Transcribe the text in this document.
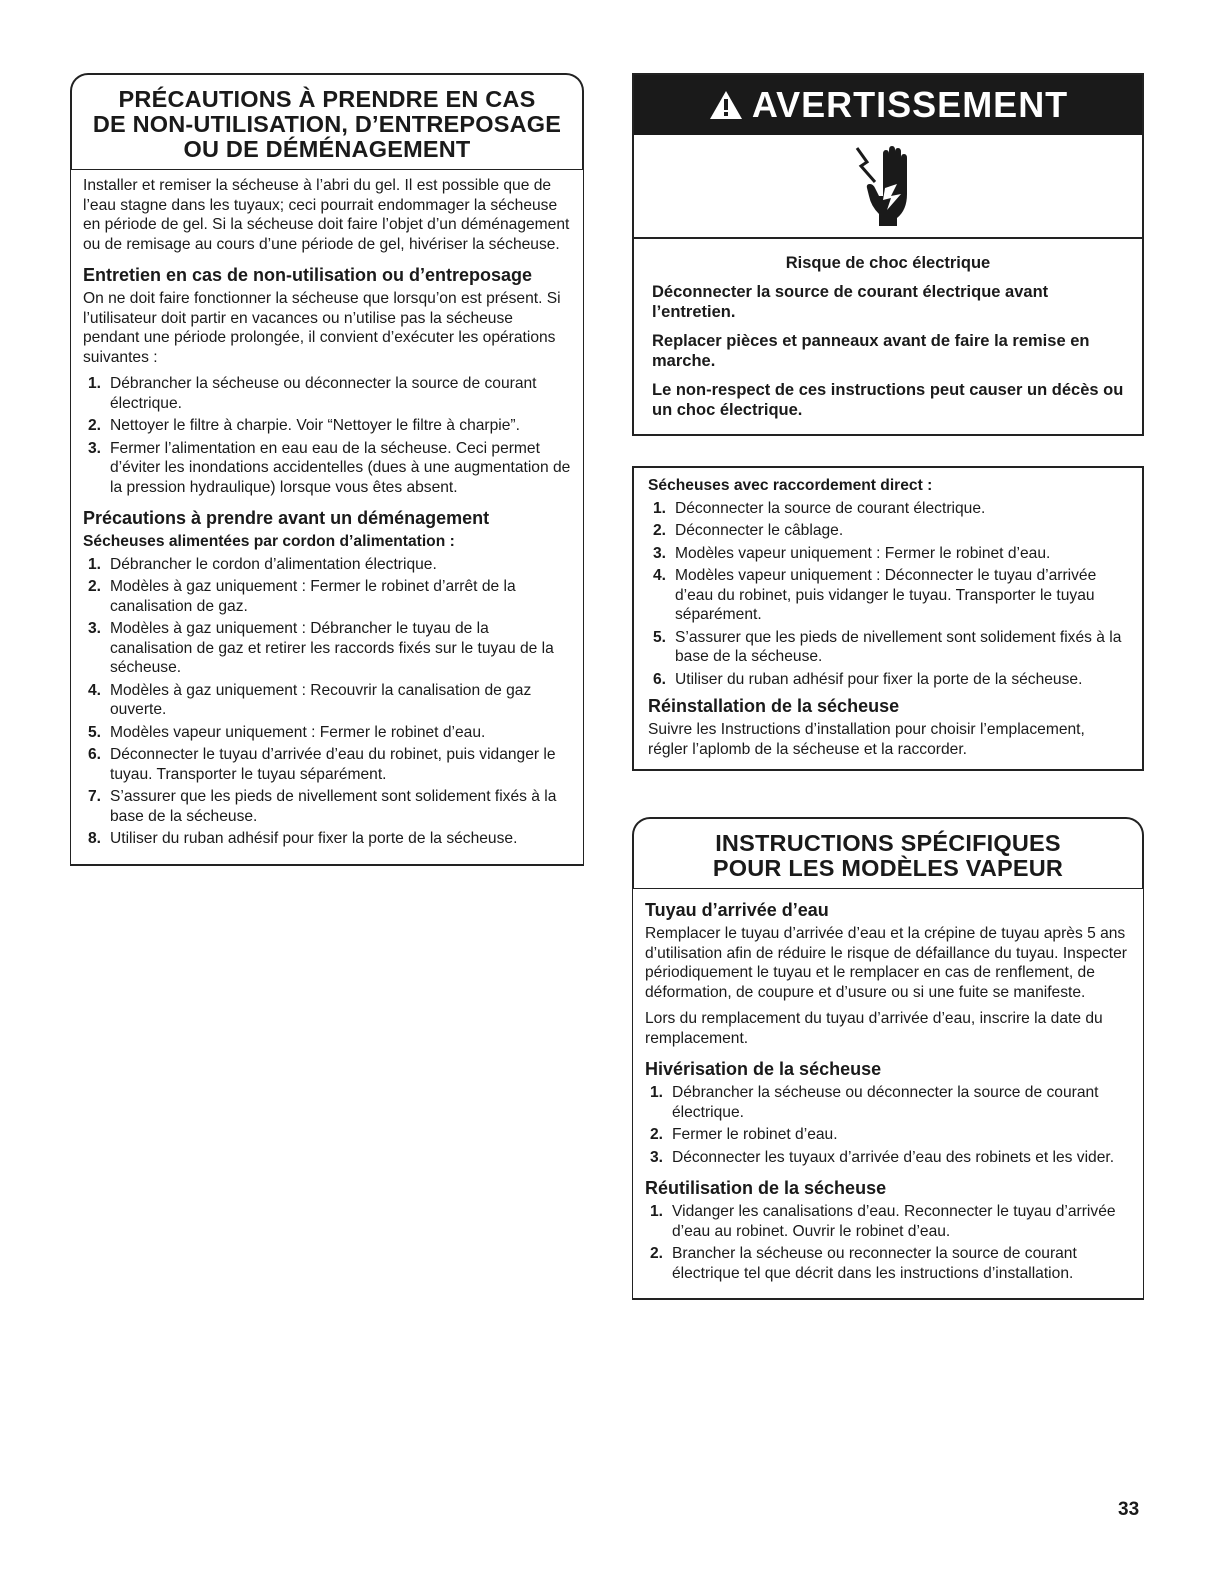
PRÉCAUTIONS À PRENDRE EN CAS
DE NON-UTILISATION, D’ENTREPOSAGE
OU DE DÉMÉNAGEMENT

Installer et remiser la sécheuse à l’abri du gel. Il est possible que de l’eau stagne dans les tuyaux; ceci pourrait endommager la sécheuse en période de gel. Si la sécheuse doit faire l’objet d’un déménagement ou de remisage au cours d’une période de gel, hivériser la sécheuse.

Entretien en cas de non-utilisation ou d’entreposage

On ne doit faire fonctionner la sécheuse que lorsqu’on est présent. Si l’utilisateur doit partir en vacances ou n’utilise pas la sécheuse pendant une période prolongée, il convient d’exécuter les opérations suivantes :

1. Débrancher la sécheuse ou déconnecter la source de courant électrique.
2. Nettoyer le filtre à charpie. Voir “Nettoyer le filtre à charpie”.
3. Fermer l’alimentation en eau eau de la sécheuse. Ceci permet d’éviter les inondations accidentelles (dues à une augmentation de la pression hydraulique) lorsque vous êtes absent.
Précautions à prendre avant un déménagement
Sécheuses alimentées par cordon d’alimentation :
1. Débrancher le cordon d’alimentation électrique.
2. Modèles à gaz uniquement : Fermer le robinet d’arrêt de la canalisation de gaz.
3. Modèles à gaz uniquement : Débrancher le tuyau de la canalisation de gaz et retirer les raccords fixés sur le tuyau de la sécheuse.
4. Modèles à gaz uniquement : Recouvrir la canalisation de gaz ouverte.
5. Modèles vapeur uniquement : Fermer le robinet d’eau.
6. Déconnecter le tuyau d’arrivée d’eau du robinet, puis vidanger le tuyau. Transporter le tuyau séparément.
7. S’assurer que les pieds de nivellement sont solidement fixés à la base de la sécheuse.
8. Utiliser du ruban adhésif pour fixer la porte de la sécheuse.
AVERTISSEMENT
Risque de choc électrique

Déconnecter la source de courant électrique avant l’entretien.

Replacer pièces et panneaux avant de faire la remise en marche.

Le non-respect de ces instructions peut causer un décès ou un choc électrique.

Sécheuses avec raccordement direct :
1. Déconnecter la source de courant électrique.
2. Déconnecter le câblage.
3. Modèles vapeur uniquement : Fermer le robinet d’eau.
4. Modèles vapeur uniquement : Déconnecter le tuyau d’arrivée d’eau du robinet, puis vidanger le tuyau. Transporter le tuyau séparément.
5. S’assurer que les pieds de nivellement sont solidement fixés à la base de la sécheuse.
6. Utiliser du ruban adhésif pour fixer la porte de la sécheuse.
Réinstallation de la sécheuse

Suivre les Instructions d’installation pour choisir l’emplacement, régler l’aplomb de la sécheuse et la raccorder.

INSTRUCTIONS SPÉCIFIQUES
POUR LES MODÈLES VAPEUR
Tuyau d’arrivée d’eau

Remplacer le tuyau d’arrivée d’eau et la crépine de tuyau après 5 ans d’utilisation afin de réduire le risque de défaillance du tuyau. Inspecter périodiquement le tuyau et le remplacer en cas de renflement, de déformation, de coupure et d’usure ou si une fuite se manifeste.

Lors du remplacement du tuyau d’arrivée d’eau, inscrire la date du remplacement.

Hivérisation de la sécheuse
1. Débrancher la sécheuse ou déconnecter la source de courant électrique.
2. Fermer le robinet d’eau.
3. Déconnecter les tuyaux d’arrivée d’eau des robinets et les vider.
Réutilisation de la sécheuse
1. Vidanger les canalisations d’eau. Reconnecter le tuyau d’arrivée d’eau au robinet. Ouvrir le robinet d’eau.
2. Brancher la sécheuse ou reconnecter la source de courant électrique tel que décrit dans les instructions d’installation.
33
